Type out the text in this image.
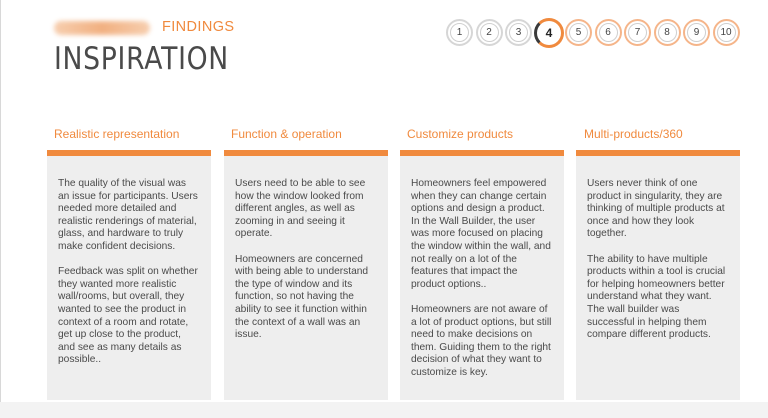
FINDINGS
INSPIRATION
1 2 3 4 5 6 7 8 9 10
Realistic representation

The quality of the visual was an issue for participants. Users needed more detailed and realistic renderings of material, glass, and hardware to truly make confident decisions.

Feedback was split on whether they wanted more realistic wall/rooms, but overall, they wanted to see the product in context of a room and rotate, get up close to the product, and see as many details as possible..

Function & operation

Users need to be able to see how the window looked from different angles, as well as zooming in and seeing it operate.

Homeowners are concerned with being able to understand the type of window and its function, so not having the ability to see it function within the context of a wall was an issue.

Customize products

Homeowners feel empowered when they can change certain options and design a product. In the Wall Builder, the user was more focused on placing the window within the wall, and not really on a lot of the features that impact the product options..

Homeowners are not aware of a lot of product options, but still need to make decisions on them. Guiding them to the right decision of what they want to customize is key.

Multi-products/360

Users never think of one product in singularity, they are thinking of multiple products at once and how they look together.

The ability to have multiple products within a tool is crucial for helping homeowners better understand what they want. The wall builder was successful in helping them compare different products.
